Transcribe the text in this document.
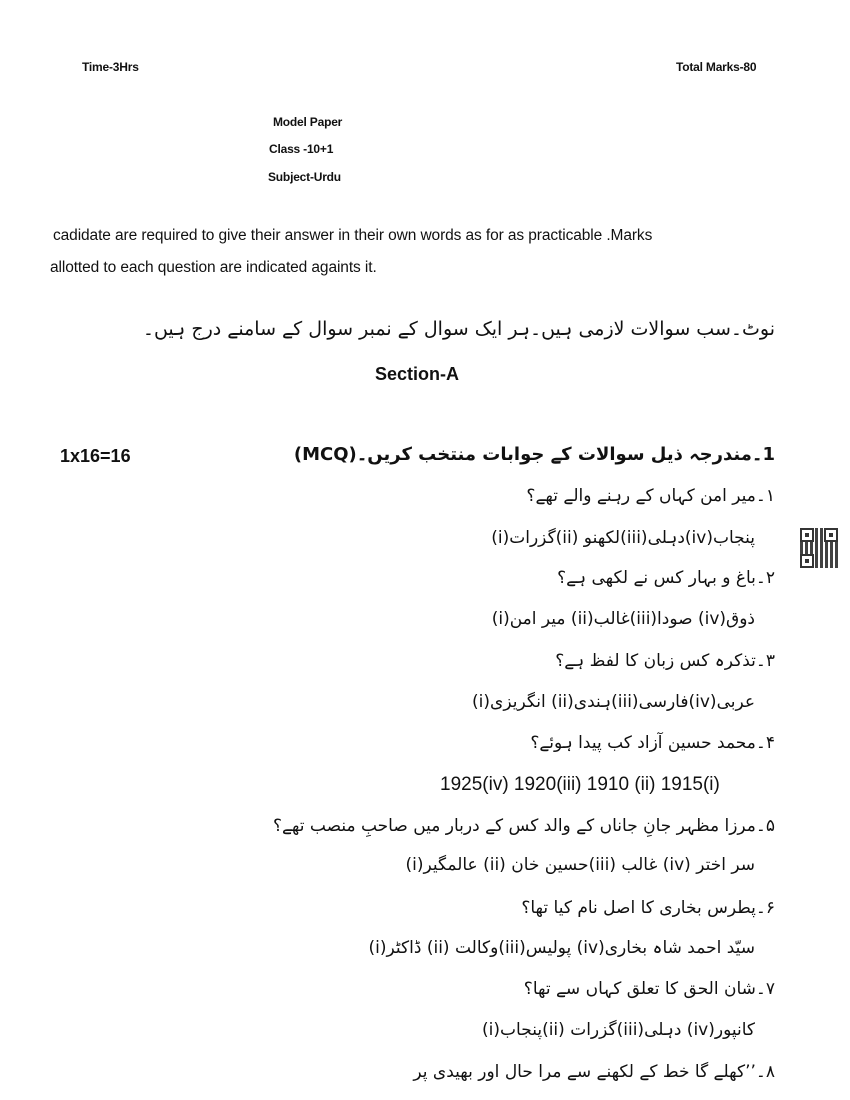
Time-3Hrs	Total Marks-80
Model Paper
Class -10+1
Subject-Urdu
cadidate are required to give their answer in their own words as for as practicable .Marks
allotted to each question are indicated againts it.
نوٹ۔سب سوالات لازمی ہیں۔ہر ایک سوال کے نمبر سوال کے سامنے درج ہیں۔
Section-A
1x16=16	1۔مندرجہ ذیل سوالات کے جوابات منتخب کریں۔(MCQ)
۱۔میر امن کہاں کے رہنے والے تھے؟
(i)گزرات(ii) لکھنو(iii)دہلی(iv)پنجاب
۲۔باغ و بہار کس نے لکھی ہے؟
(i)میر امن (ii)غالب(iii)صودا (iv)ذوق
۳۔تذکرہ کس زبان کا لفظ ہے؟
(i)انگریزی (ii)ہندی(iii)فارسی(iv)عربی
۴۔محمد حسین آزاد کب پیدا ہوئے؟
1925(iv) 1920(iii) 1910 (ii) 1915(i)
۵۔مرزا مظہر جانِ جاناں کے والد کس کے دربار میں صاحبِ منصب تھے؟
(i)عالمگیر (ii) حسین خان(iii) غالب (iv) سر اختر
۶۔پطرس بخاری کا اصل نام کیا تھا؟
(i)ڈاکٹر (ii) وکالت(iii)پولیس (iv)سیّد احمد شاہ بخاری
۷۔شان الحق کا تعلق کہاں سے تھا؟
(i)پنجاب(ii) گزرات(iii)دہلی (iv)کانپور
۸۔’’کھلے گا خط کے لکھنے سے مرا حال اور بھیدی پر
